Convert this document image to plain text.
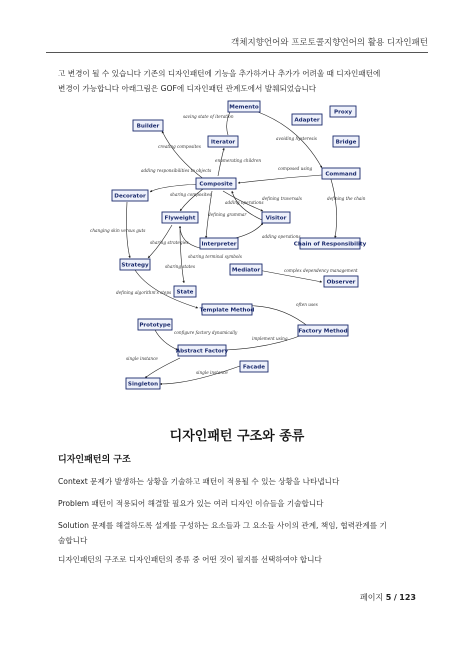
객체지향언어와 프로토콜지향언어의 활용 디자인패턴
고 변경이 될 수 있습니다 기존의 디자인패턴에 기능을 추가하거나 추가가 어려울 때 디자인패턴에
변경이 가능합니다 아래그림은 GOF에 디자인패턴 관계도에서 발췌되었습니다
saving state of iteration
creating composites
enumerating children
avoiding hysteresis
composed using
adding responsibilities to objects
sharing composites
adding operations
defining traversals	defining the chain
changing skin versus guts
sharing strategies
defining grammar
adding operations
sharing terminal symbols
sharing states
complex dependency management
defining algorithm's steps
often uses
configure factory dynamically
implement using
single instance
single instance
Memento
Proxy
Builder
Adapter
Iterator	Bridge
Command
Composite
Decorator
Flyweight	Visitor
Interpreter	Chain of Responsibility
Strategy
Mediator
Observer
State
Template Method
Prototype
Factory Method
Abstract Factory
Facade
Singleton
디자인패턴 구조와 종류
디자인패턴의 구조
Context 문제가 발생하는 상황을 기술하고 패턴이 적용될 수 있는 상황을 나타냅니다
Problem 패턴이 적용되어 해결할 필요가 있는 여러 디자인 이슈들을 기술합니다
Solution 문제를 해결하도록 설계를 구성하는 요소들과 그 요소들 사이의 관계, 책임, 협력관계를 기
술합니다
디자인패턴의 구조로 디자인패턴의 종류 중 어떤 것이 필지를 선택하여야 합니다
페이지 5 / 123
